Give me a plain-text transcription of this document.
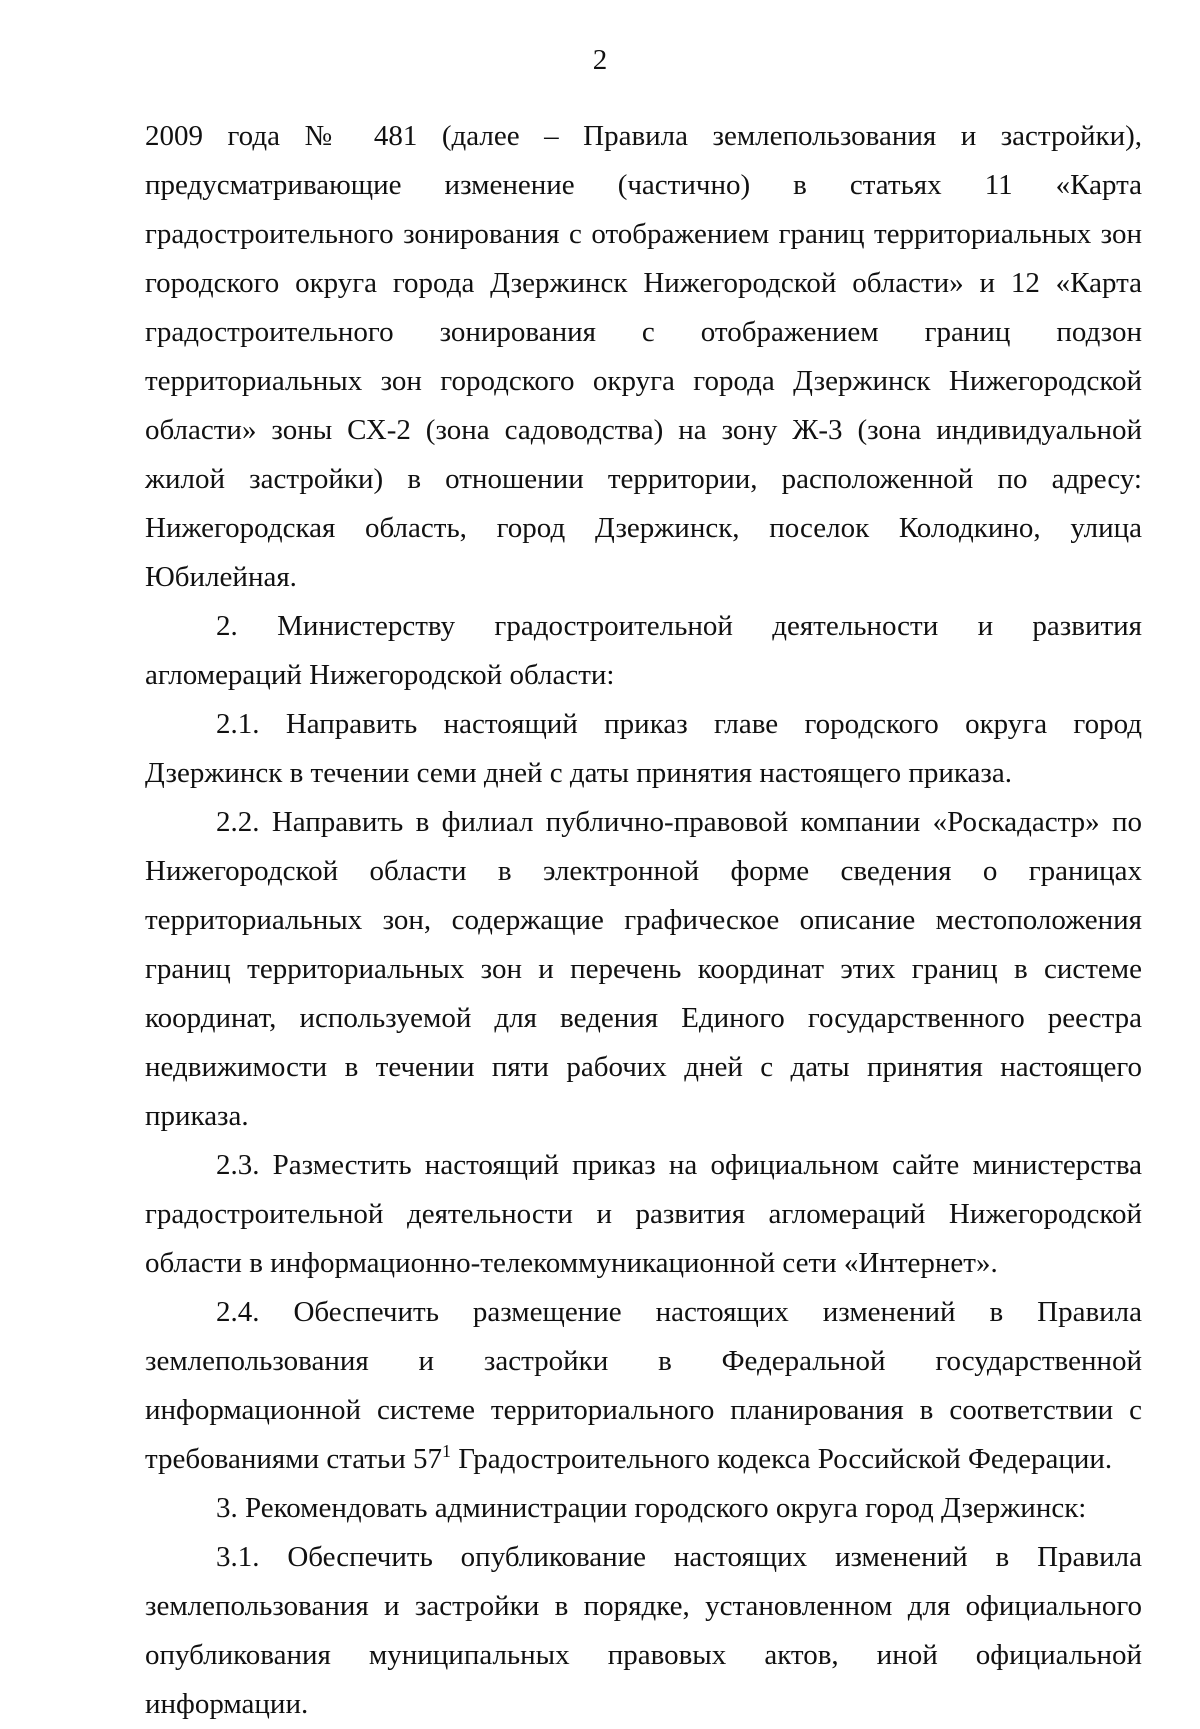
2

2009 года № 481 (далее – Правила землепользования и застройки), предусматривающие изменение (частично) в статьях 11 «Карта градостроительного зонирования с отображением границ территориальных зон городского округа города Дзержинск Нижегородской области» и 12 «Карта градостроительного зонирования с отображением границ подзон территориальных зон городского округа города Дзержинск Нижегородской области» зоны СХ-2 (зона садоводства) на зону Ж-3 (зона индивидуальной жилой застройки) в отношении территории, расположенной по адресу: Нижегородская область, город Дзержинск, поселок Колодкино, улица Юбилейная.

2. Министерству градостроительной деятельности и развития агломераций Нижегородской области:

2.1. Направить настоящий приказ главе городского округа город Дзержинск в течении семи дней с даты принятия настоящего приказа.

2.2. Направить в филиал публично-правовой компании «Роскадастр» по Нижегородской области в электронной форме сведения о границах территориальных зон, содержащие графическое описание местоположения границ территориальных зон и перечень координат этих границ в системе координат, используемой для ведения Единого государственного реестра недвижимости в течении пяти рабочих дней с даты принятия настоящего приказа.

2.3. Разместить настоящий приказ на официальном сайте министерства градостроительной деятельности и развития агломераций Нижегородской области в информационно-телекоммуникационной сети «Интернет».

2.4. Обеспечить размещение настоящих изменений в Правила землепользования и застройки в Федеральной государственной информационной системе территориального планирования в соответствии с требованиями статьи $57^1$ Градостроительного кодекса Российской Федерации.

3. Рекомендовать администрации городского округа город Дзержинск:

3.1. Обеспечить опубликование настоящих изменений в Правила землепользования и застройки в порядке, установленном для официального опубликования муниципальных правовых актов, иной официальной информации.
